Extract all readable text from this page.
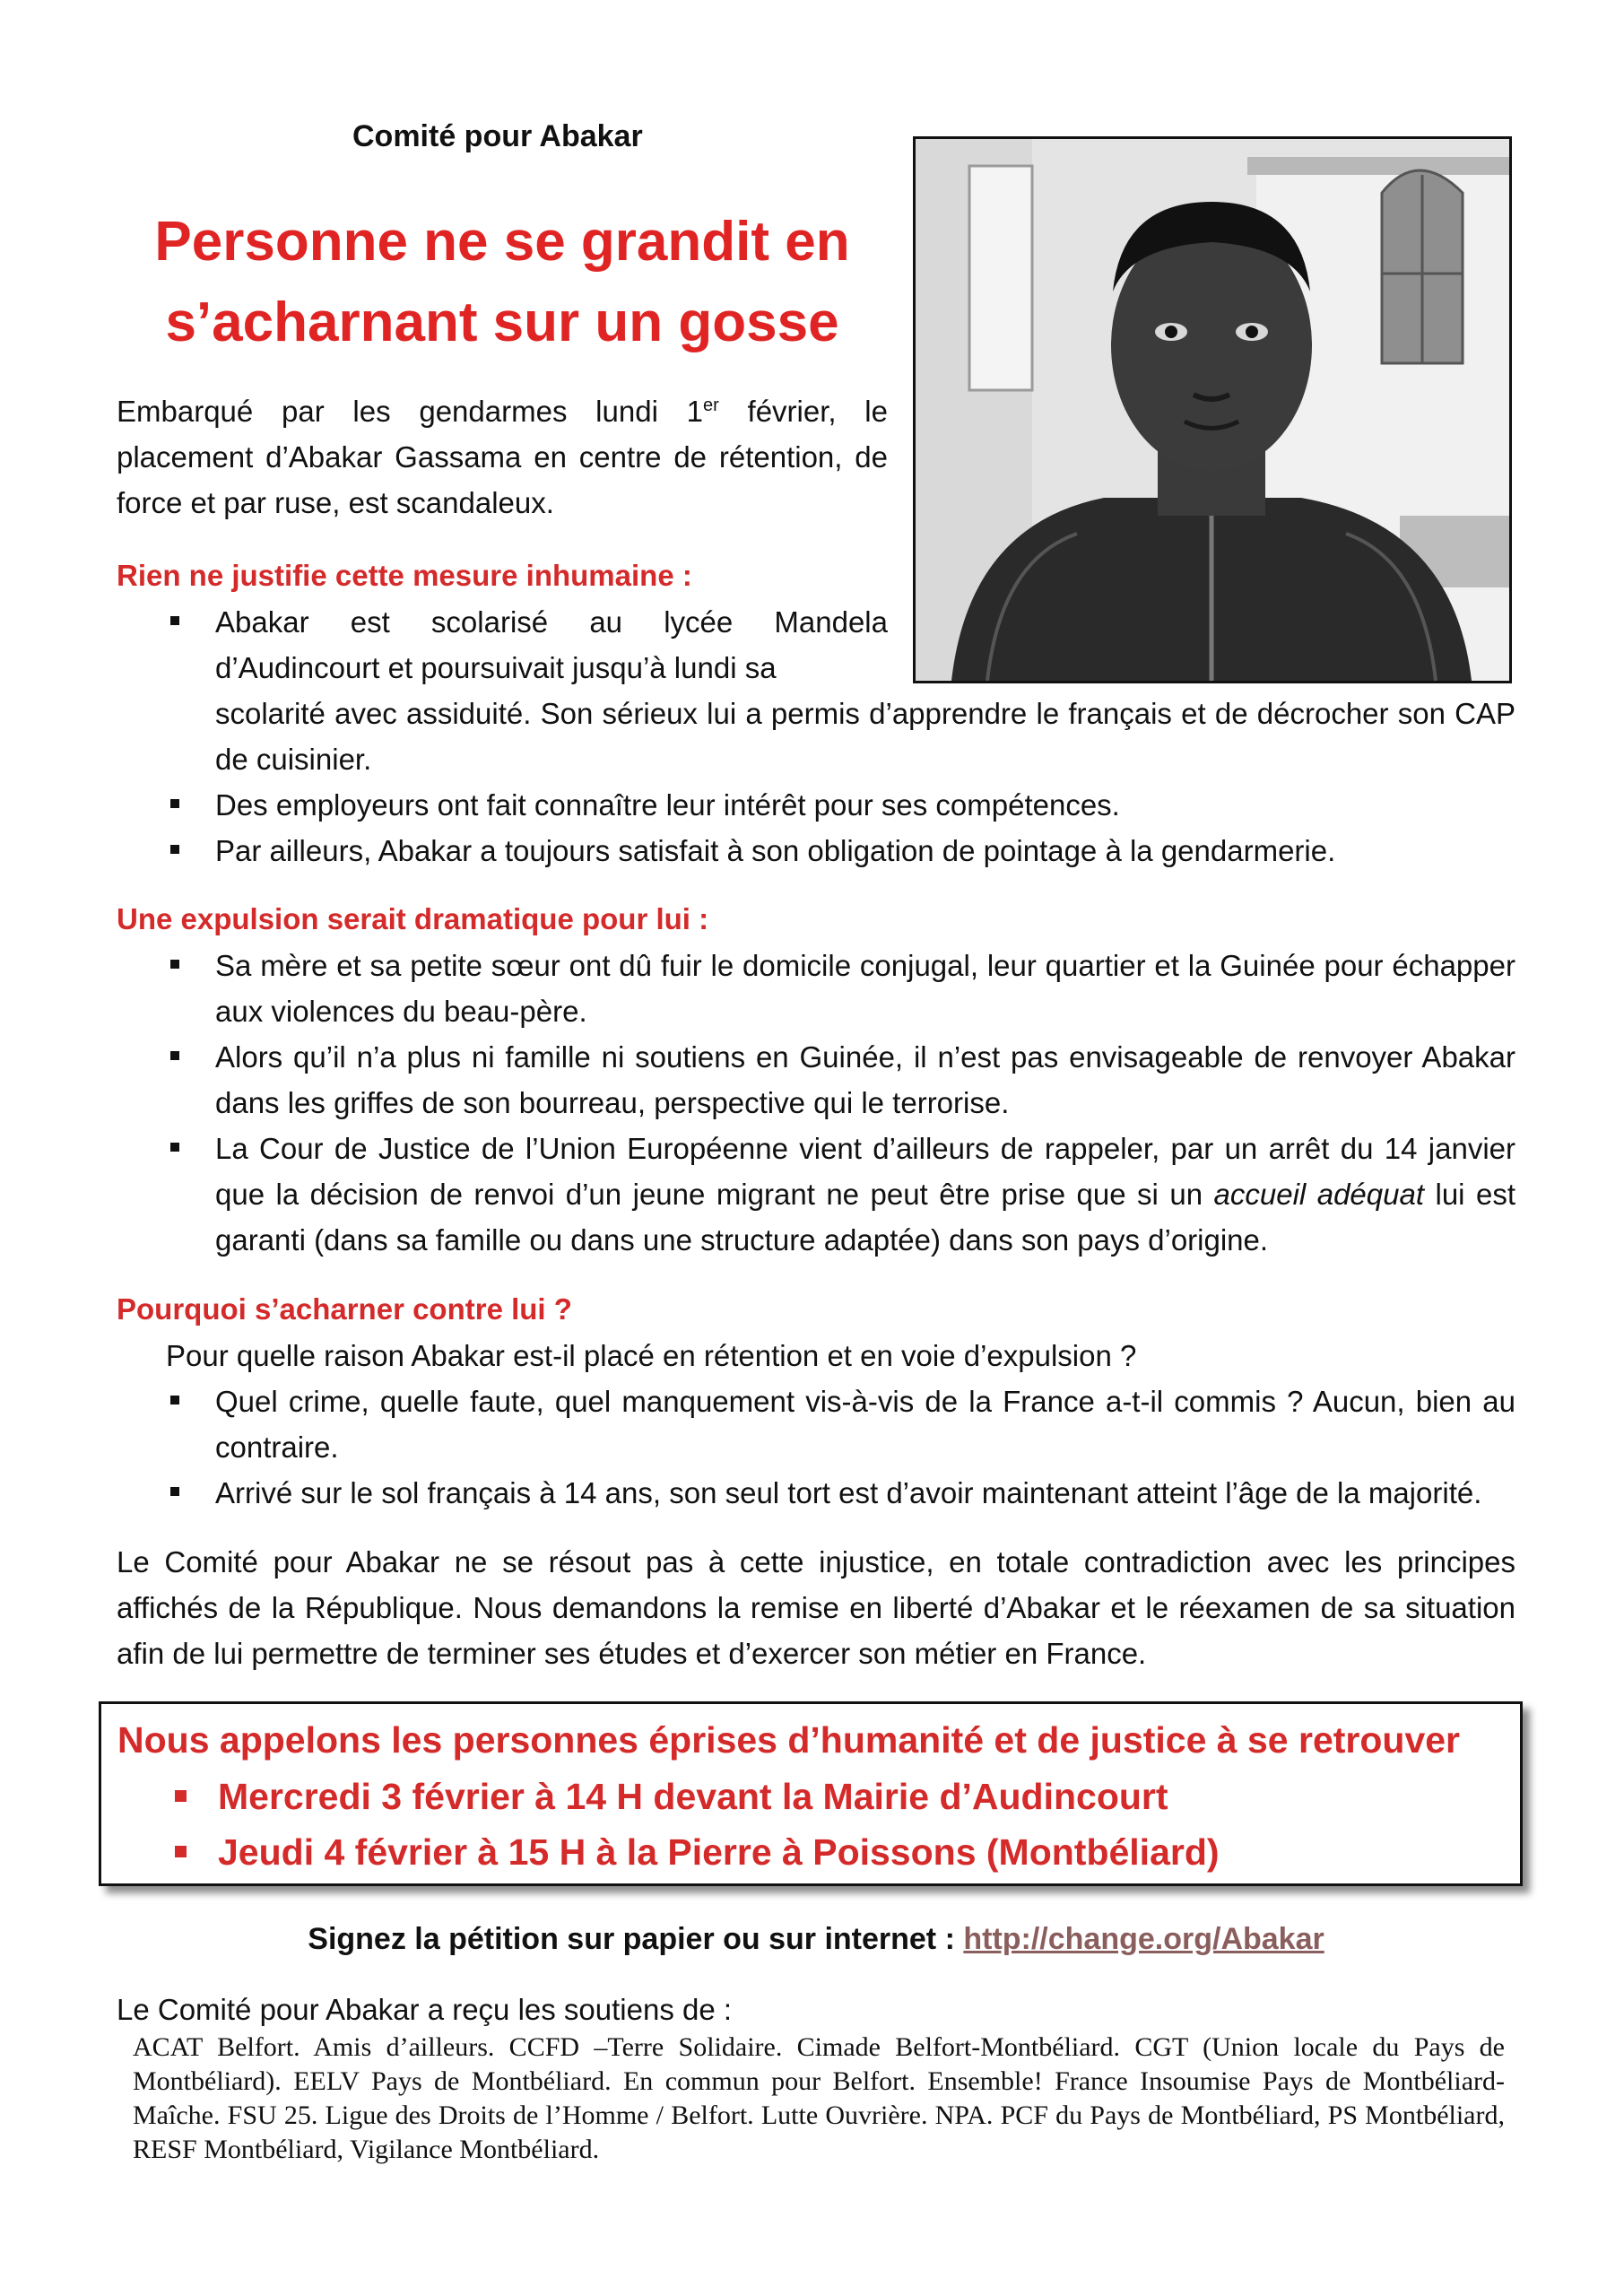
Comité pour Abakar
Personne ne se grandit en
s’acharnant sur un gosse

Embarqué par les gendarmes lundi 1er février, le placement d’Abakar Gassama en centre de rétention, de force et par ruse, est scandaleux.

Rien ne justifie cette mesure inhumaine :

Abakar est scolarisé au lycée Mandela d’Audincourt et poursuivait jusqu’à lundi sa

scolarité avec assiduité. Son sérieux lui a permis d’apprendre le français et de décrocher son CAP de cuisinier.

Des employeurs ont fait connaître leur intérêt pour ses compétences.
Par ailleurs, Abakar a toujours satisfait à son obligation de pointage à la gendarmerie.

Une expulsion serait dramatique pour lui :

Sa mère et sa petite sœur ont dû fuir le domicile conjugal, leur quartier et la Guinée pour échapper aux violences du beau-père.
Alors qu’il n’a plus ni famille ni soutiens en Guinée, il n’est pas envisageable de renvoyer Abakar dans les griffes de son bourreau, perspective qui le terrorise.
La Cour de Justice de l’Union Européenne vient d’ailleurs de rappeler, par un arrêt du 14 janvier que la décision de renvoi d’un jeune migrant ne peut être prise que si un accueil adéquat lui est garanti (dans sa famille ou dans une structure adaptée) dans son pays d’origine.

Pourquoi s’acharner contre lui ?

Pour quelle raison Abakar est-il placé en rétention et en voie d’expulsion ?
Quel crime, quelle faute, quel manquement vis-à-vis de la France a-t-il commis ? Aucun, bien au contraire.
Arrivé sur le sol français à 14 ans, son seul tort est d’avoir maintenant atteint l’âge de la majorité.

Le Comité pour Abakar ne se résout pas à cette injustice, en totale contradiction avec les principes affichés de la République. Nous demandons la remise en liberté d’Abakar et le réexamen de sa situation afin de lui permettre de terminer ses études et d’exercer son métier en France.

Nous appelons les personnes éprises d’humanité et de justice à se retrouver

Mercredi 3 février à 14 H devant la Mairie d’Audincourt
Jeudi 4 février à 15 H à la Pierre à Poissons (Montbéliard)
Signez la pétition sur papier ou sur internet : http://change.org/Abakar
Le Comité pour Abakar a reçu les soutiens de :

ACAT Belfort. Amis d’ailleurs. CCFD –Terre Solidaire. Cimade Belfort-Montbéliard. CGT (Union locale du Pays de Montbéliard). EELV Pays de Montbéliard. En commun pour Belfort. Ensemble! France Insoumise Pays de Montbéliard-Maîche. FSU 25. Ligue des Droits de l’Homme / Belfort. Lutte Ouvrière. NPA. PCF du Pays de Montbéliard, PS Montbéliard, RESF Montbéliard, Vigilance Montbéliard.
